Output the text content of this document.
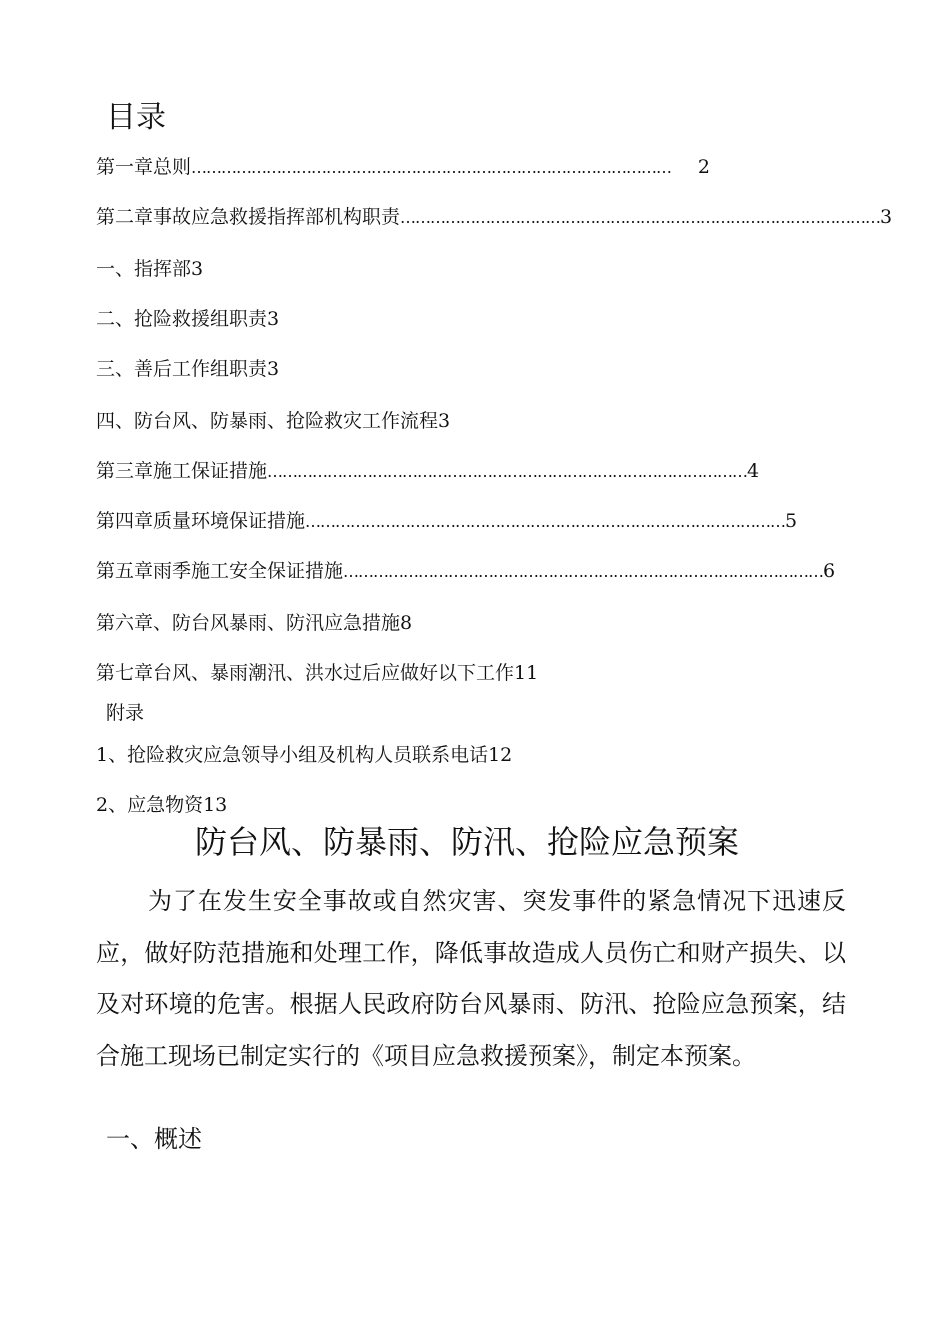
目录
第一章总则 ……………………………………………………………………………………	2
第二章事故应急救援指挥部机构职责 …………………………………………………………………………………… 3
一、指挥部3
二、抢险救援组职责3
三、善后工作组职责3
四、防台风、防暴雨、抢险救灾工作流程3
第三章施工保证措施 …………………………………………………………………………………… 4
第四章质量环境保证措施 …………………………………………………………………………………… 5
第五章雨季施工安全保证措施 …………………………………………………………………………………… 6
第六章、防台风暴雨、防汛应急措施8
第七章台风、暴雨潮汛、洪水过后应做好以下工作11
附录
1、抢险救灾应急领导小组及机构人员联系电话12
2、应急物资13
防台风、防暴雨、防汛、抢险应急预案

为了在发生安全事故或自然灾害、突发事件的紧急情况下迅速反应，做好防范措施和处理工作，降低事故造成人员伤亡和财产损失、以及对环境的危害。根据人民政府防台风暴雨、防汛、抢险应急预案，结合施工现场已制定实行的《项目应急救援预案》，制定本预案。

一、概述
